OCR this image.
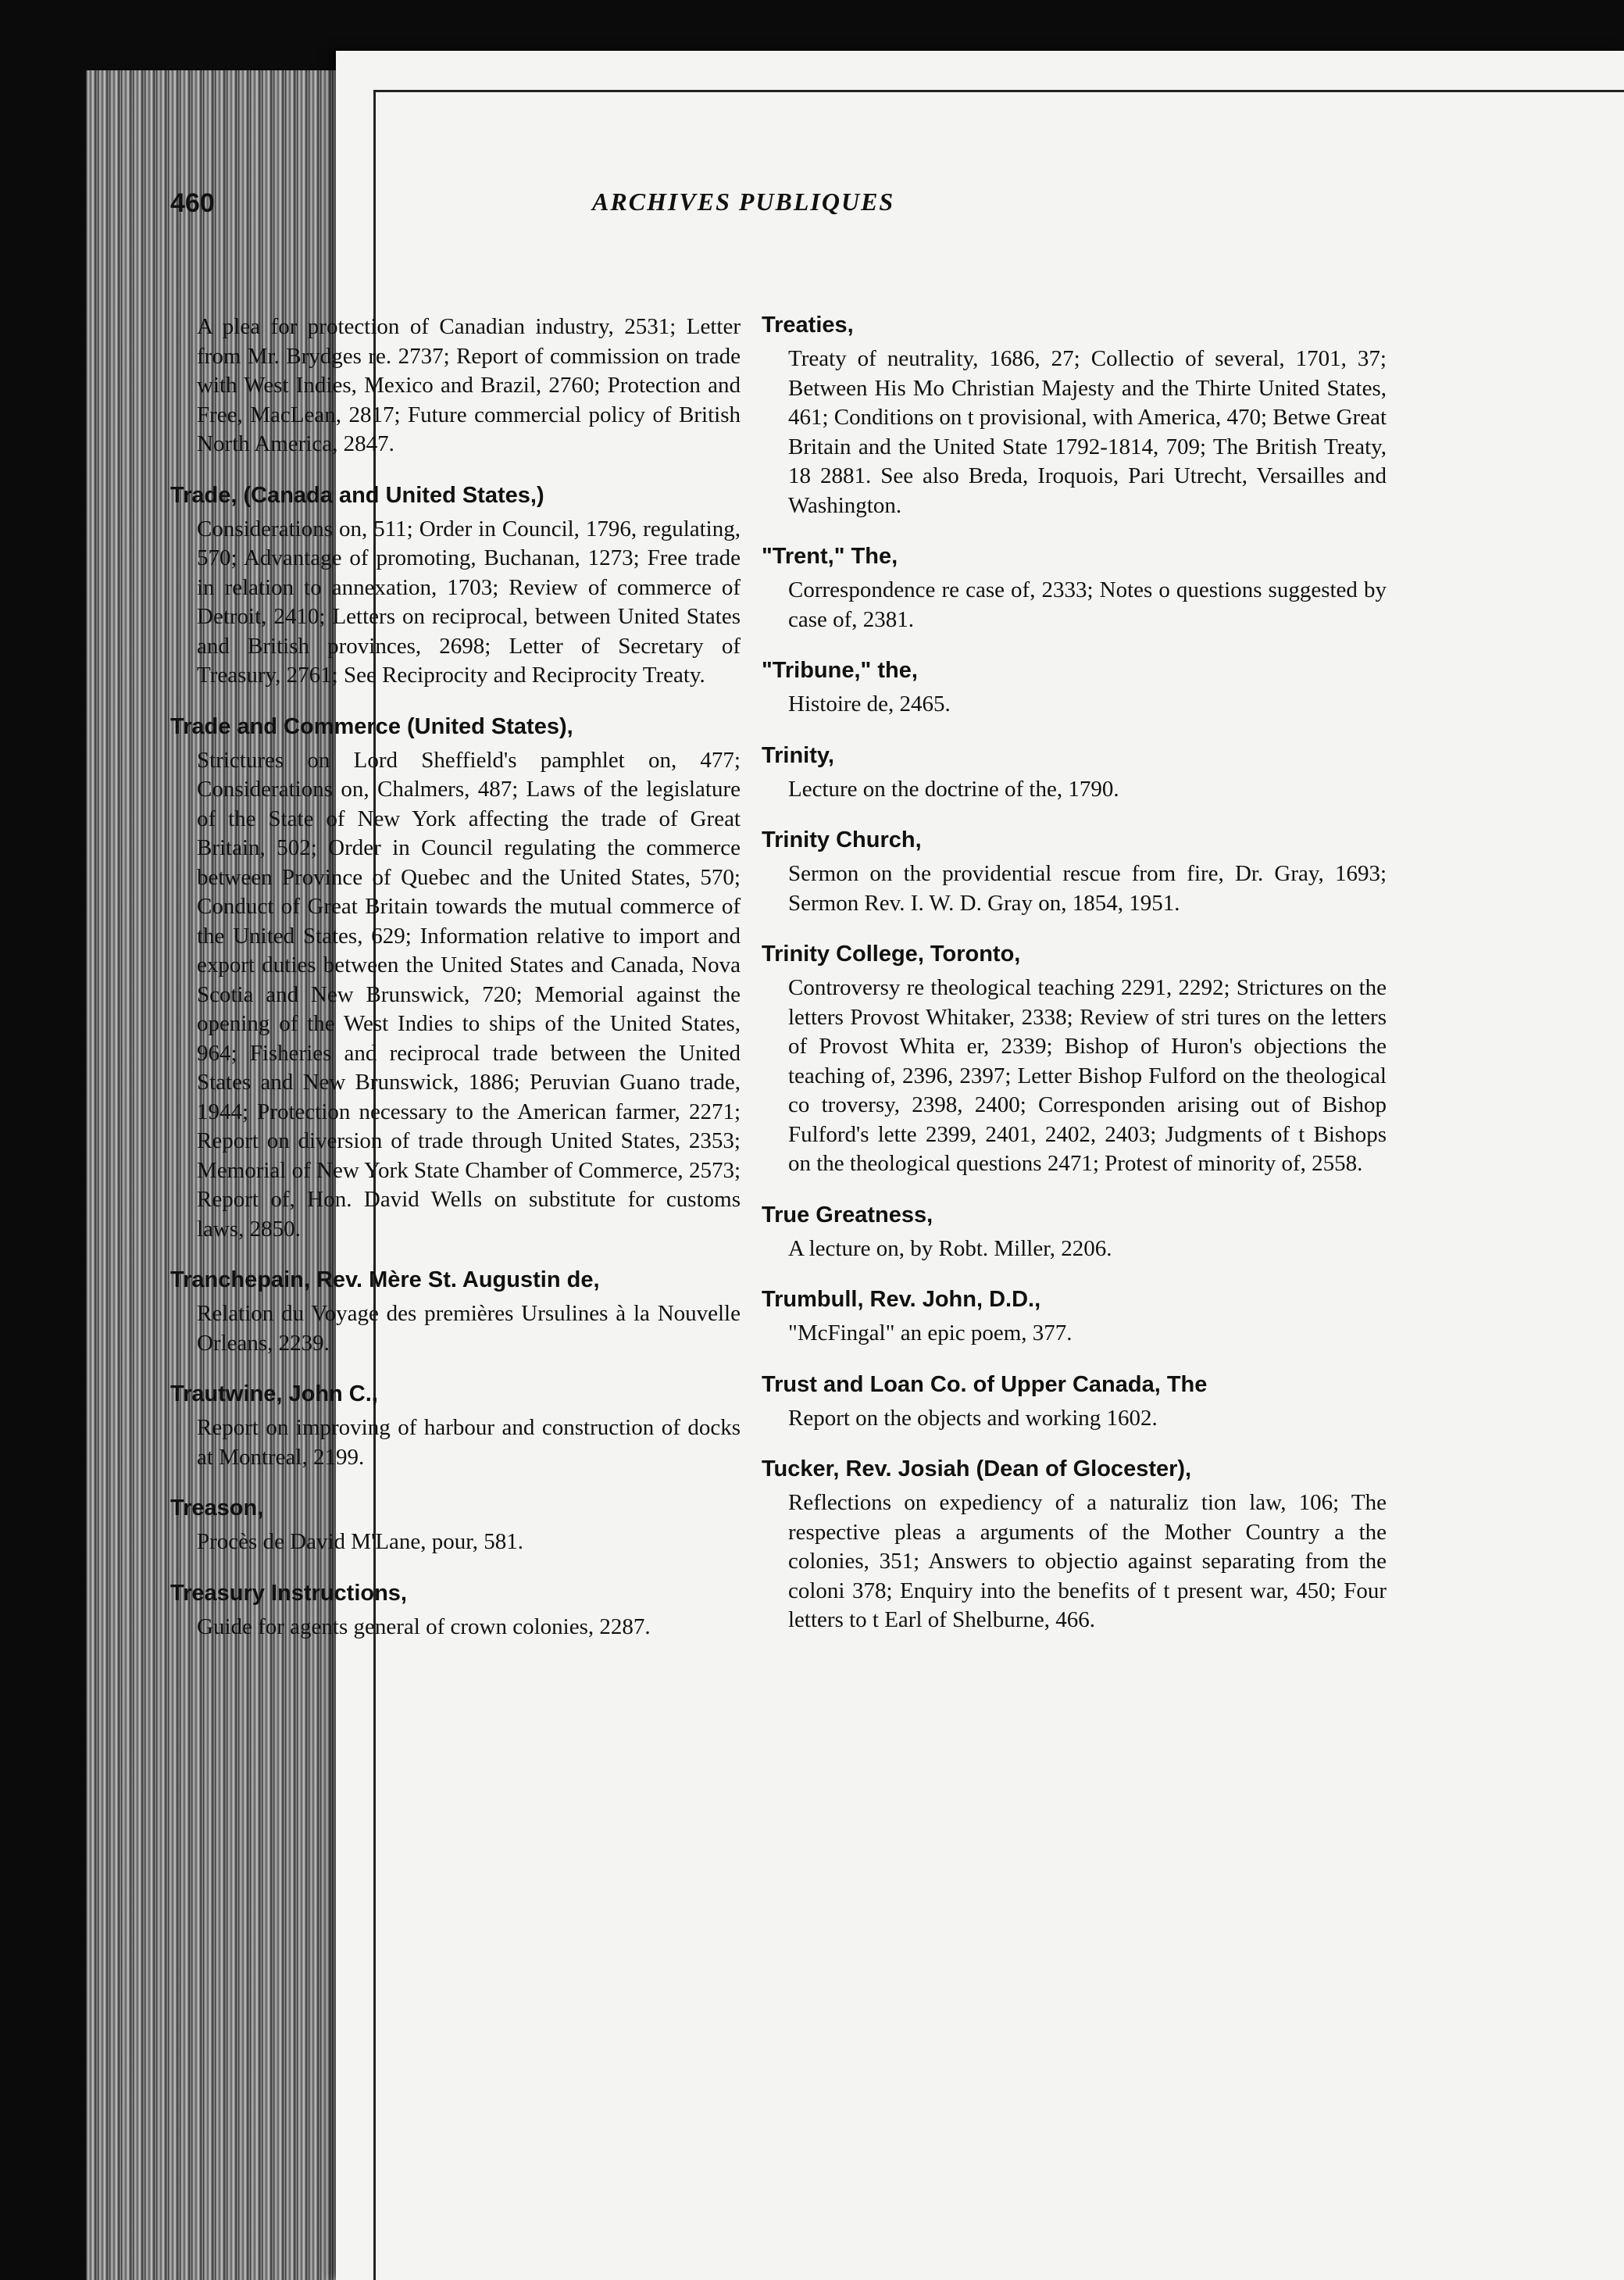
460	ARCHIVES PUBLIQUES
A plea for protection of Canadian industry, 2531; Letter from Mr. Brydges re. 2737; Report of commission on trade with West Indies, Mexico and Brazil, 2760; Protection and Free, MacLean, 2817; Future commercial policy of British North America, 2847.
Trade, (Canada and United States,)
Considerations on, 511; Order in Council, 1796, regulating, 570; Advantage of promoting, Buchanan, 1273; Free trade in relation to annexation, 1703; Review of commerce of Detroit, 2410; Letters on reciprocal, between United States and British provinces, 2698; Letter of Secretary of Treasury, 2761; See Reciprocity and Reciprocity Treaty.
Trade and Commerce (United States),
Strictures on Lord Sheffield's pamphlet on, 477; Considerations on, Chalmers, 487; Laws of the legislature of the State of New York affecting the trade of Great Britain, 502; Order in Council regulating the commerce between Province of Quebec and the United States, 570; Conduct of Great Britain towards the mutual commerce of the United States, 629; Information relative to import and export duties between the United States and Canada, Nova Scotia and New Brunswick, 720; Memorial against the opening of the West Indies to ships of the United States, 964; Fisheries and reciprocal trade between the United States and New Brunswick, 1886; Peruvian Guano trade, 1944; Protection necessary to the American farmer, 2271; Report on diversion of trade through United States, 2353; Memorial of New York State Chamber of Commerce, 2573; Report of, Hon. David Wells on substitute for customs laws, 2850.
Tranchepain, Rev. Mère St. Augustin de,
Relation du Voyage des premières Ursulines à la Nouvelle Orleans, 2239.
Trautwine, John C.,
Report on improving of harbour and construction of docks at Montreal, 2199.
Treason,
Procès de David M'Lane, pour, 581.
Treasury Instructions,
Guide for agents general of crown colonies, 2287.
Treaties,
Treaty of neutrality, 1686, 27; Collectio of several, 1701, 37; Between His Mo Christian Majesty and the Thirte United States, 461; Conditions on t provisional, with America, 470; Betwe Great Britain and the United State 1792-1814, 709; The British Treaty, 18 2881. See also Breda, Iroquois, Pari Utrecht, Versailles and Washington.
"Trent," The,
Correspondence re case of, 2333; Notes o questions suggested by case of, 2381.
"Tribune," the,
Histoire de, 2465.
Trinity,
Lecture on the doctrine of the, 1790.
Trinity Church,
Sermon on the providential rescue from fire, Dr. Gray, 1693; Sermon Rev. I. W. D. Gray on, 1854, 1951.
Trinity College, Toronto,
Controversy re theological teaching 2291, 2292; Strictures on the letters Provost Whitaker, 2338; Review of stri tures on the letters of Provost Whita er, 2339; Bishop of Huron's objections the teaching of, 2396, 2397; Letter Bishop Fulford on the theological co troversy, 2398, 2400; Corresponden arising out of Bishop Fulford's lette 2399, 2401, 2402, 2403; Judgments of t Bishops on the theological questions 2471; Protest of minority of, 2558.
True Greatness,
A lecture on, by Robt. Miller, 2206.
Trumbull, Rev. John, D.D.,
"McFingal" an epic poem, 377.
Trust and Loan Co. of Upper Canada, The
Report on the objects and working 1602.
Tucker, Rev. Josiah (Dean of Glocester),
Reflections on expediency of a naturaliz tion law, 106; The respective pleas a arguments of the Mother Country a the colonies, 351; Answers to objectio against separating from the coloni 378; Enquiry into the benefits of t present war, 450; Four letters to t Earl of Shelburne, 466.
